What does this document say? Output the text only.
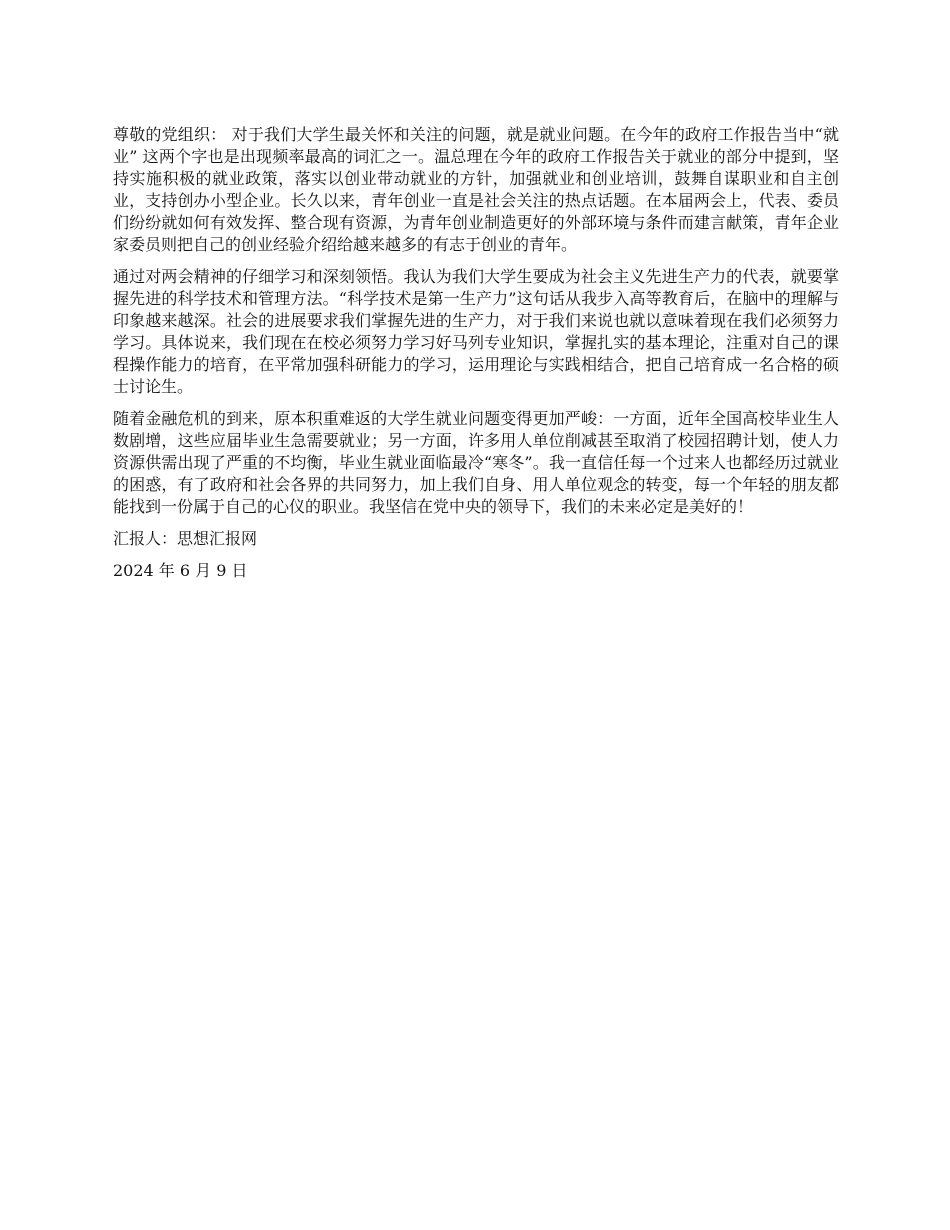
尊敬的党组织： 对于我们大学生最关怀和关注的问题，就是就业问题。在今年的政府工作报告当中“就业” 这两个字也是出现频率最高的词汇之一。温总理在今年的政府工作报告关于就业的部分中提到，坚持实施积极的就业政策，落实以创业带动就业的方针，加强就业和创业培训，鼓舞自谋职业和自主创业，支持创办小型企业。长久以来，青年创业一直是社会关注的热点话题。在本届两会上，代表、委员们纷纷就如何有效发挥、整合现有资源，为青年创业制造更好的外部环境与条件而建言献策，青年企业家委员则把自己的创业经验介绍给越来越多的有志于创业的青年。

通过对两会精神的仔细学习和深刻领悟。我认为我们大学生要成为社会主义先进生产力的代表，就要掌握先进的科学技术和管理方法。“科学技术是第一生产力”这句话从我步入高等教育后，在脑中的理解与印象越来越深。社会的进展要求我们掌握先进的生产力，对于我们来说也就以意味着现在我们必须努力学习。具体说来，我们现在在校必须努力学习好马列专业知识，掌握扎实的基本理论，注重对自己的课程操作能力的培育，在平常加强科研能力的学习，运用理论与实践相结合，把自己培育成一名合格的硕士讨论生。

随着金融危机的到来，原本积重难返的大学生就业问题变得更加严峻：一方面，近年全国高校毕业生人数剧增，这些应届毕业生急需要就业；另一方面，许多用人单位削减甚至取消了校园招聘计划，使人力资源供需出现了严重的不均衡，毕业生就业面临最冷“寒冬”。我一直信任每一个过来人也都经历过就业的困惑，有了政府和社会各界的共同努力，加上我们自身、用人单位观念的转变，每一个年轻的朋友都能找到一份属于自己的心仪的职业。我坚信在党中央的领导下，我们的未来必定是美好的！

汇报人：思想汇报网

2024 年 6 月 9 日
